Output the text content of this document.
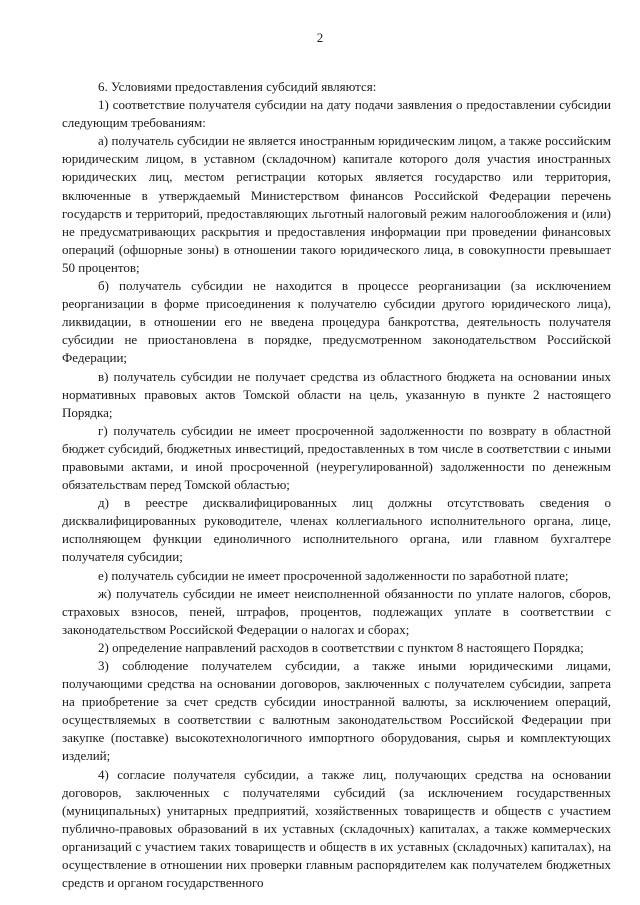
2

6. Условиями предоставления субсидий являются:

1) соответствие получателя субсидии на дату подачи заявления о предоставлении субсидии следующим требованиям:

а) получатель субсидии не является иностранным юридическим лицом, а также российским юридическим лицом, в уставном (складочном) капитале которого доля участия иностранных юридических лиц, местом регистрации которых является государство или территория, включенные в утверждаемый Министерством финансов Российской Федерации перечень государств и территорий, предоставляющих льготный налоговый режим налогообложения и (или) не предусматривающих раскрытия и предоставления информации при проведении финансовых операций (офшорные зоны) в отношении такого юридического лица, в совокупности превышает 50 процентов;

б) получатель субсидии не находится в процессе реорганизации (за исключением реорганизации в форме присоединения к получателю субсидии другого юридического лица), ликвидации, в отношении его не введена процедура банкротства, деятельность получателя субсидии не приостановлена в порядке, предусмотренном законодательством Российской Федерации;

в) получатель субсидии не получает средства из областного бюджета на основании иных нормативных правовых актов Томской области на цель, указанную в пункте 2 настоящего Порядка;

г) получатель субсидии не имеет просроченной задолженности по возврату в областной бюджет субсидий, бюджетных инвестиций, предоставленных в том числе в соответствии с иными правовыми актами, и иной просроченной (неурегулированной) задолженности по денежным обязательствам перед Томской областью;

д) в реестре дисквалифицированных лиц должны отсутствовать сведения о дисквалифицированных руководителе, членах коллегиального исполнительного органа, лице, исполняющем функции единоличного исполнительного органа, или главном бухгалтере получателя субсидии;

е) получатель субсидии не имеет просроченной задолженности по заработной плате;

ж) получатель субсидии не имеет неисполненной обязанности по уплате налогов, сборов, страховых взносов, пеней, штрафов, процентов, подлежащих уплате в соответствии с законодательством Российской Федерации о налогах и сборах;

2) определение направлений расходов в соответствии с пунктом 8 настоящего Порядка;

3) соблюдение получателем субсидии, а также иными юридическими лицами, получающими средства на основании договоров, заключенных с получателем субсидии, запрета на приобретение за счет средств субсидии иностранной валюты, за исключением операций, осуществляемых в соответствии с валютным законодательством Российской Федерации при закупке (поставке) высокотехнологичного импортного оборудования, сырья и комплектующих изделий;

4) согласие получателя субсидии, а также лиц, получающих средства на основании договоров, заключенных с получателями субсидий (за исключением государственных (муниципальных) унитарных предприятий, хозяйственных товариществ и обществ с участием публично-правовых образований в их уставных (складочных) капиталах, а также коммерческих организаций с участием таких товариществ и обществ в их уставных (складочных) капиталах), на осуществление в отношении них проверки главным распорядителем как получателем бюджетных средств и органом государственного
